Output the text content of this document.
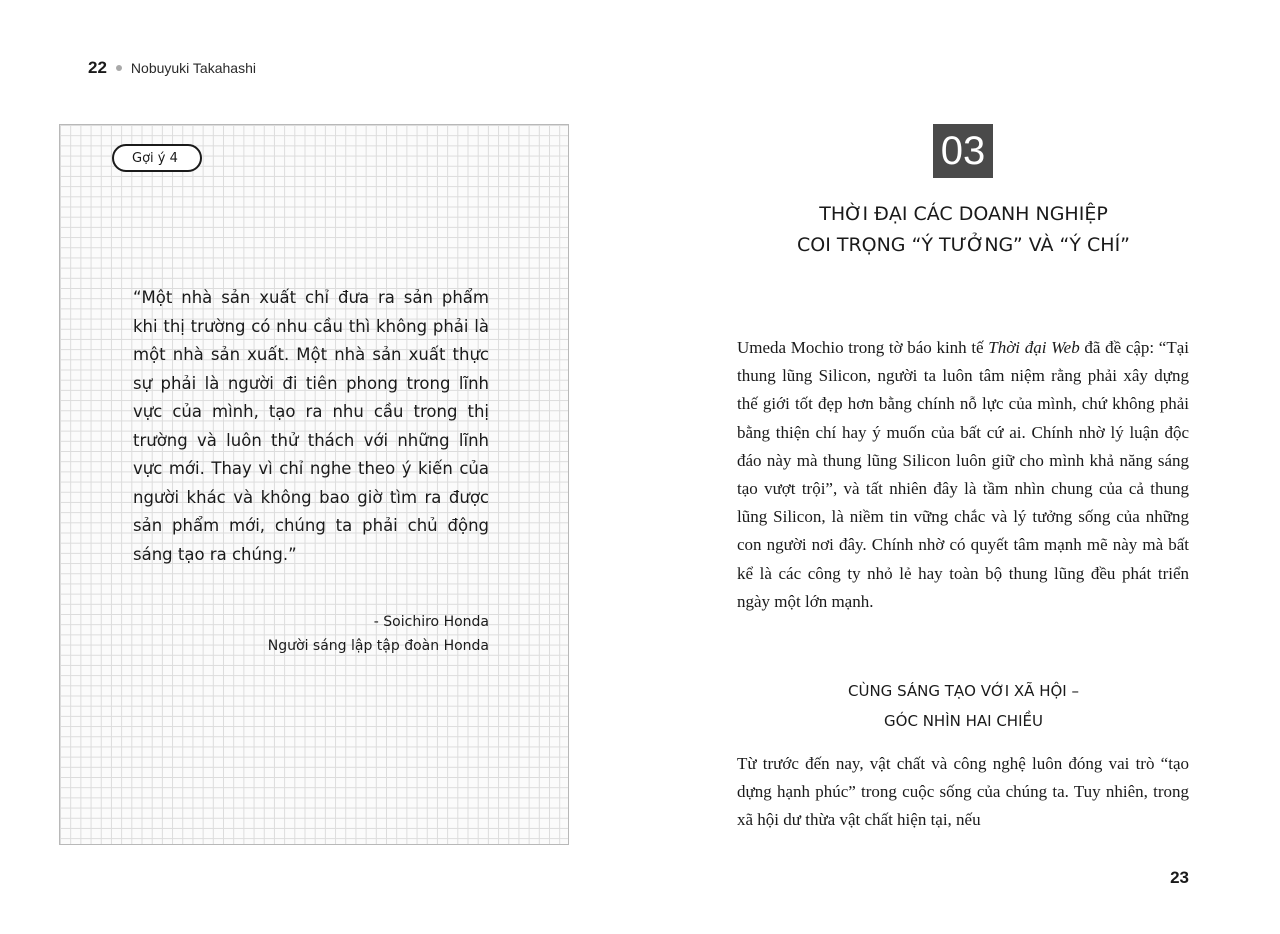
22 Nobuyuki Takahashi
Gợi ý 4
“Một nhà sản xuất chỉ đưa ra sản phẩm khi thị trường có nhu cầu thì không phải là một nhà sản xuất. Một nhà sản xuất thực sự phải là người đi tiên phong trong lĩnh vực của mình, tạo ra nhu cầu trong thị trường và luôn thử thách với những lĩnh vực mới. Thay vì chỉ nghe theo ý kiến của người khác và không bao giờ tìm ra được sản phẩm mới, chúng ta phải chủ động sáng tạo ra chúng.”
- Soichiro Honda
Người sáng lập tập đoàn Honda
03
THỜI ĐẠI CÁC DOANH NGHIỆP
COI TRỌNG “Ý TƯỞNG” VÀ “Ý CHÍ”
Umeda Mochio trong tờ báo kinh tế Thời đại Web đã đề cập: “Tại thung lũng Silicon, người ta luôn tâm niệm rằng phải xây dựng thế giới tốt đẹp hơn bằng chính nỗ lực của mình, chứ không phải bằng thiện chí hay ý muốn của bất cứ ai. Chính nhờ lý luận độc đáo này mà thung lũng Silicon luôn giữ cho mình khả năng sáng tạo vượt trội”, và tất nhiên đây là tầm nhìn chung của cả thung lũng Silicon, là niềm tin vững chắc và lý tưởng sống của những con người nơi đây. Chính nhờ có quyết tâm mạnh mẽ này mà bất kể là các công ty nhỏ lẻ hay toàn bộ thung lũng đều phát triển ngày một lớn mạnh.
CÙNG SÁNG TẠO VỚI XÃ HỘI –
GÓC NHÌN HAI CHIỀU
Từ trước đến nay, vật chất và công nghệ luôn đóng vai trò “tạo dựng hạnh phúc” trong cuộc sống của chúng ta. Tuy nhiên, trong xã hội dư thừa vật chất hiện tại, nếu
23
